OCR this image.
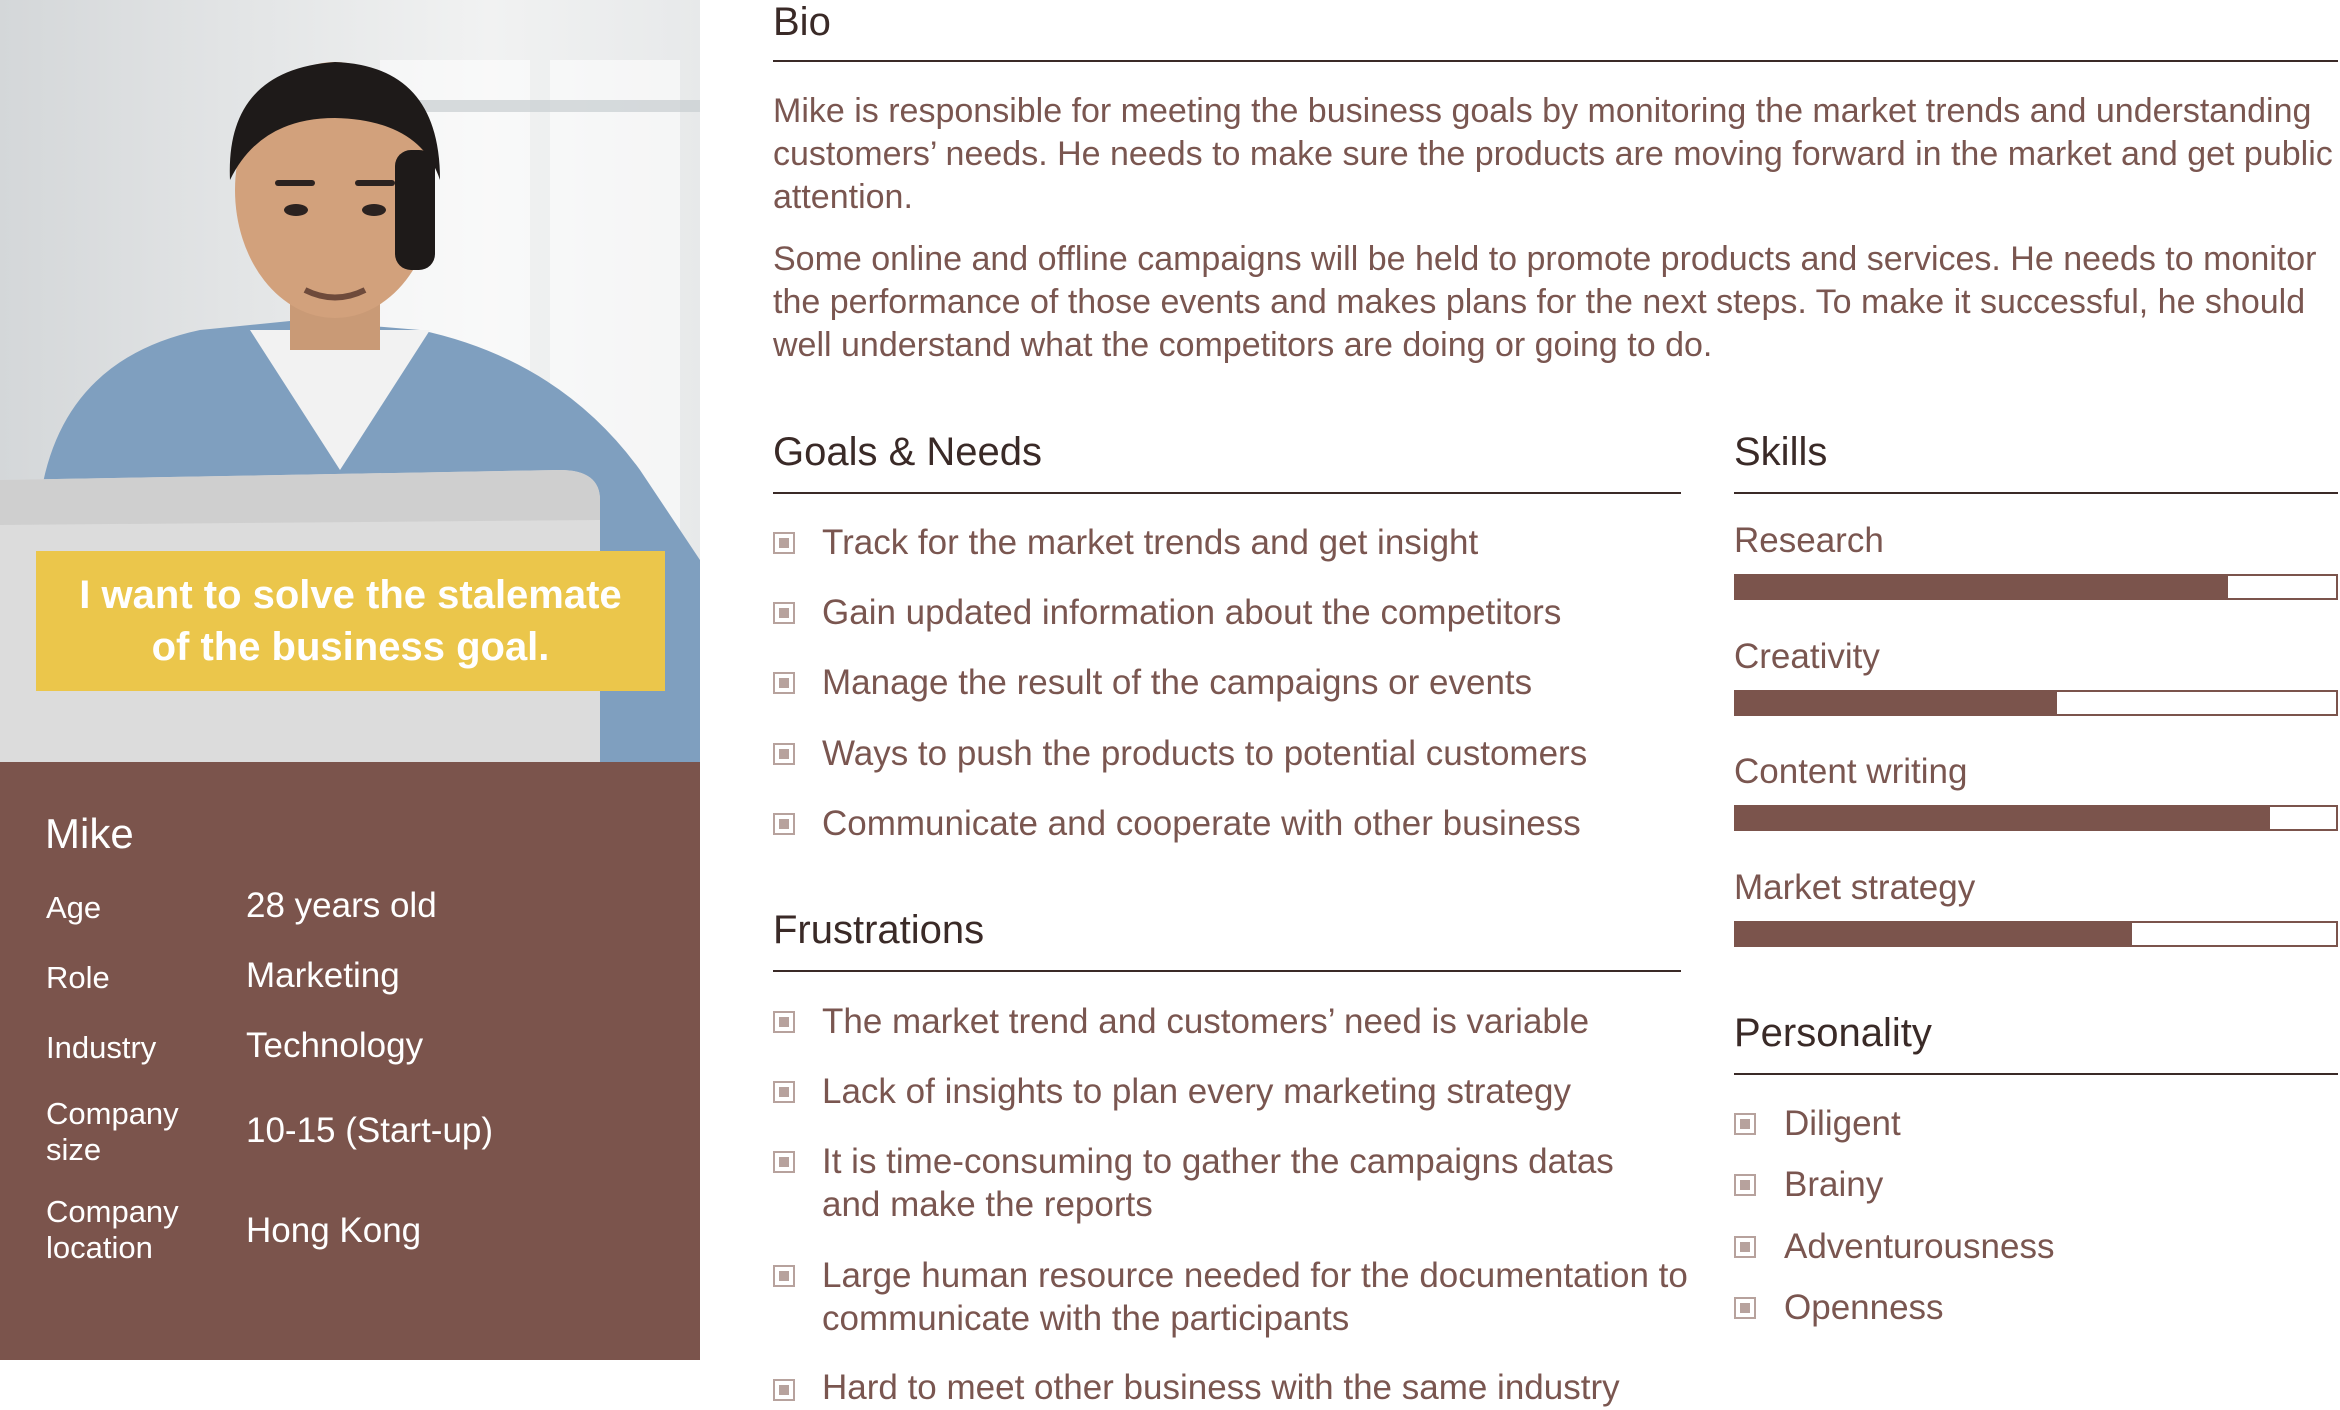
I want to solve the stalemate of the business goal.
Mike
Age	28 years old
Role	Marketing
Industry	Technology
Company size	10-15 (Start-up)
Company location	Hong Kong
Bio

Mike is responsible for meeting the business goals by monitoring the market trends and understanding customers’ needs. He needs to make sure the products are moving forward in the market and get public attention.

Some online and offline campaigns will be held to promote products and services. He needs to monitor the performance of those events and makes plans for the next steps. To make it successful, he should well understand what the competitors are doing or going to do.

Goals & Needs
Track for the market trends and get insight
Gain updated information about the competitors
Manage the result of the campaigns or events
Ways to push the products to potential customers
Communicate and cooperate with other business
Frustrations
The market trend and customers’ need is variable
Lack of insights to plan every marketing strategy
It is time-consuming to gather the campaigns datas and make the reports
Large human resource needed for the documentation to communicate with the participants
Hard to meet other business with the same industry
Skills
Research
Creativity
Content writing
Market strategy
Personality
Diligent
Brainy
Adventurousness
Openness
